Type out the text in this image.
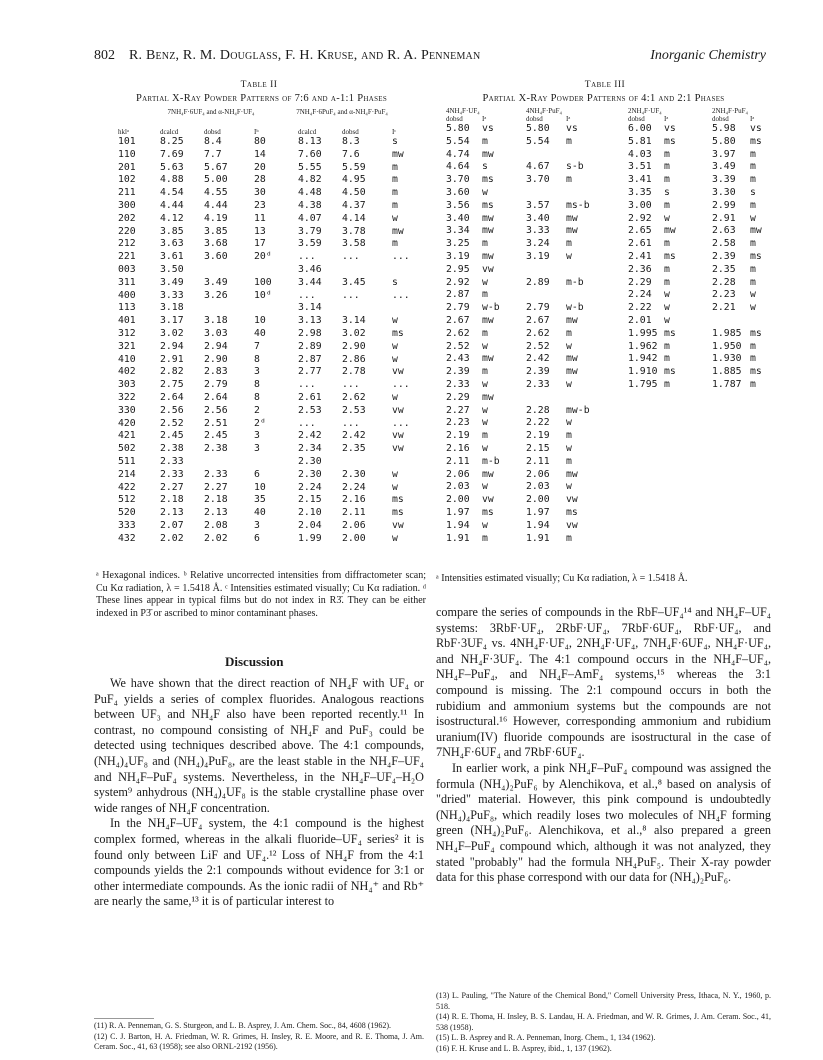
802 R. Benz, R. M. Douglass, F. H. Kruse, and R. A. Penneman	Inorganic Chemistry
Table II
Partial X-Ray Powder Patterns of 7:6 and α-1:1 Phases
7NH₄F·6UF₄ and α-NH₄F·UF₄	7NH₄F·6PuF₄ and α-NH₄F·PuF₄
hklᵃ	dcalcd	dobsd	Iᵇ	dcalcd	dobsd	Iᶜ
101	8.25	8.4	80	8.13	8.3	s
110	7.69	7.7	14	7.60	7.6	mw
201	5.63	5.67	20	5.55	5.59	m
102	4.88	5.00	28	4.82	4.95	m
211	4.54	4.55	30	4.48	4.50	m
300	4.44	4.44	23	4.38	4.37	m
202	4.12	4.19	11	4.07	4.14	w
220	3.85	3.85	13	3.79	3.78	mw
212	3.63	3.68	17	3.59	3.58	m
221	3.61	3.60	20ᵈ	...	...	...
003	3.50			3.46		
311	3.49	3.49	100	3.44	3.45	s
400	3.33	3.26	10ᵈ	...	...	...
113	3.18			3.14		
401	3.17	3.18	10	3.13	3.14	w
312	3.02	3.03	40	2.98	3.02	ms
321	2.94	2.94	7	2.89	2.90	w
410	2.91	2.90	8	2.87	2.86	w
402	2.82	2.83	3	2.77	2.78	vw
303	2.75	2.79	8	...	...	...
322	2.64	2.64	8	2.61	2.62	w
330	2.56	2.56	2	2.53	2.53	vw
420	2.52	2.51	2ᵈ	...	...	...
421	2.45	2.45	3	2.42	2.42	vw
502	2.38	2.38	3	2.34	2.35	vw
511	2.33			2.30		
214	2.33	2.33	6	2.30	2.30	w
422	2.27	2.27	10	2.24	2.24	w
512	2.18	2.18	35	2.15	2.16	ms
520	2.13	2.13	40	2.10	2.11	ms
333	2.07	2.08	3	2.04	2.06	vw
432	2.02	2.02	6	1.99	2.00	w
ᵃ Hexagonal indices. ᵇ Relative uncorrected intensities from diffractometer scan; Cu Kα radiation, λ = 1.5418 Å. ᶜ Intensities estimated visually; Cu Kα radiation. ᵈ These lines appear in typical films but do not index in R3̄. They can be either indexed in P3̄ or ascribed to minor contaminant phases.
Table III
Partial X-Ray Powder Patterns of 4:1 and 2:1 Phases
4NH₄F·UF₄		4NH₄F·PuF₄		2NH₄F·UF₄		2NH₄F·PuF₄	
dobsd	Iᵃ	dobsd	Iᵃ	dobsd	Iᵃ	dobsd	Iᵃ
5.80	vs	5.80	vs	6.00	vs	5.98	vs
5.54	m	5.54	m	5.81	ms	5.80	ms
4.74	mw			4.03	m	3.97	m
4.64	s	4.67	s-b	3.51	m	3.49	m
3.70	ms	3.70	m	3.41	m	3.39	m
3.60	w			3.35	s	3.30	s
3.56	ms	3.57	ms-b	3.00	m	2.99	m
3.40	mw	3.40	mw	2.92	w	2.91	w
3.34	mw	3.33	mw	2.65	mw	2.63	mw
3.25	m	3.24	m	2.61	m	2.58	m
3.19	mw	3.19	w	2.41	ms	2.39	ms
2.95	vw			2.36	m	2.35	m
2.92	w	2.89	m-b	2.29	m	2.28	m
2.87	m			2.24	w	2.23	w
2.79	w-b	2.79	w-b	2.22	w	2.21	w
2.67	mw	2.67	mw	2.01	w		
2.62	m	2.62	m	1.995	ms	1.985	ms
2.52	w	2.52	w	1.962	m	1.950	m
2.43	mw	2.42	mw	1.942	m	1.930	m
2.39	m	2.39	mw	1.910	ms	1.885	ms
2.33	w	2.33	w	1.795	m	1.787	m
2.29	mw						
2.27	w	2.28	mw-b				
2.23	w	2.22	w				
2.19	m	2.19	m				
2.16	w	2.15	w				
2.11	m-b	2.11	m				
2.06	mw	2.06	mw				
2.03	w	2.03	w				
2.00	vw	2.00	vw				
1.97	ms	1.97	ms				
1.94	w	1.94	vw				
1.91	m	1.91	m				
ᵃ Intensities estimated visually; Cu Kα radiation, λ = 1.5418 Å.
Discussion

We have shown that the direct reaction of NH₄F with UF₄ or PuF₄ yields a series of complex fluorides. Analogous reactions between UF₃ and NH₄F also have been reported recently.¹¹ In contrast, no compound consisting of NH₄F and PuF₃ could be detected using techniques described above. The 4:1 compounds, (NH₄)₄UF₈ and (NH₄)₄PuF₈, are the least stable in the NH₄F–UF₄ and NH₄F–PuF₄ systems. Nevertheless, in the NH₄F–UF₄–H₂O system⁹ anhydrous (NH₄)₄UF₈ is the stable crystalline phase over wide ranges of NH₄F concentration.

In the NH₄F–UF₄ system, the 4:1 compound is the highest complex formed, whereas in the alkali fluoride–UF₄ series² it is found only between LiF and UF₄.¹² Loss of NH₄F from the 4:1 compounds yields the 2:1 compounds without evidence for 3:1 or other intermediate compounds. As the ionic radii of NH₄⁺ and Rb⁺ are nearly the same,¹³ it is of particular interest to

compare the series of compounds in the RbF–UF₄¹⁴ and NH₄F–UF₄ systems: 3RbF·UF₄, 2RbF·UF₄, 7RbF·6UF₄, RbF·UF₄, and RbF·3UF₄ vs. 4NH₄F·UF₄, 2NH₄F·UF₄, 7NH₄F·6UF₄, NH₄F·UF₄, and NH₄F·3UF₄. The 4:1 compound occurs in the NH₄F–UF₄, NH₄F–PuF₄, and NH₄F–AmF₄ systems,¹⁵ whereas the 3:1 compound is missing. The 2:1 compound occurs in both the rubidium and ammonium systems but the compounds are not isostructural.¹⁶ However, corresponding ammonium and rubidium uranium(IV) fluoride compounds are isostructural in the case of 7NH₄F·6UF₄ and 7RbF·6UF₄.

In earlier work, a pink NH₄F–PuF₄ compound was assigned the formula (NH₄)₂PuF₆ by Alenchikova, et al.,⁸ based on analysis of "dried" material. However, this pink compound is undoubtedly (NH₄)₄PuF₈, which readily loses two molecules of NH₄F forming green (NH₄)₂PuF₆. Alenchikova, et al.,⁸ also prepared a green NH₄F–PuF₄ compound which, although it was not analyzed, they stated "probably" had the formula NH₄PuF₅. Their X-ray powder data for this phase correspond with our data for (NH₄)₂PuF₆.

(11) R. A. Penneman, G. S. Sturgeon, and L. B. Asprey, J. Am. Chem. Soc., 84, 4608 (1962).
(12) C. J. Barton, H. A. Friedman, W. R. Grimes, H. Insley, R. E. Moore, and R. E. Thoma, J. Am. Ceram. Soc., 41, 63 (1958); see also ORNL-2192 (1956).
(13) L. Pauling, "The Nature of the Chemical Bond," Cornell University Press, Ithaca, N. Y., 1960, p. 518.
(14) R. E. Thoma, H. Insley, B. S. Landau, H. A. Friedman, and W. R. Grimes, J. Am. Ceram. Soc., 41, 538 (1958).
(15) L. B. Asprey and R. A. Penneman, Inorg. Chem., 1, 134 (1962).
(16) F. H. Kruse and L. B. Asprey, ibid., 1, 137 (1962).
